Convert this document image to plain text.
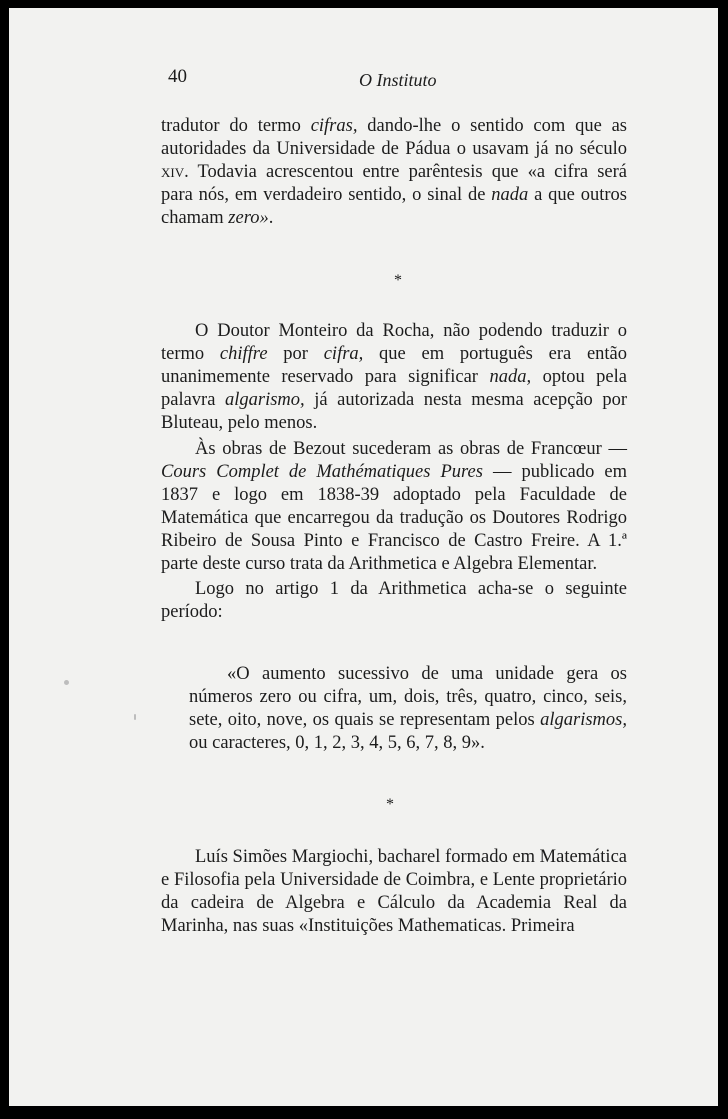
40	O Instituto

tradutor do termo cifras, dando-lhe o sentido com que as autoridades da Universidade de Pádua o usavam já no século xiv. Todavia acrescentou entre parêntesis que «a cifra será para nós, em verdadeiro sentido, o sinal de nada a que outros chamam zero».

*

O Doutor Monteiro da Rocha, não podendo traduzir o termo chiffre por cifra, que em português era então unanimemente reservado para significar nada, optou pela palavra algarismo, já autorizada nesta mesma acepção por Bluteau, pelo menos.

Às obras de Bezout sucederam as obras de Francœur — Cours Complet de Mathématiques Pures — publicado em 1837 e logo em 1838-39 adoptado pela Faculdade de Matemática que encarregou da tradução os Doutores Rodrigo Ribeiro de Sousa Pinto e Francisco de Castro Freire. A 1.ª parte deste curso trata da Arithmetica e Algebra Elementar.

Logo no artigo 1 da Arithmetica acha-se o seguinte período:

«O aumento sucessivo de uma unidade gera os números zero ou cifra, um, dois, três, quatro, cinco, seis, sete, oito, nove, os quais se representam pelos algarismos, ou caracteres, 0, 1, 2, 3, 4, 5, 6, 7, 8, 9».

*

Luís Simões Margiochi, bacharel formado em Matemática e Filosofia pela Universidade de Coimbra, e Lente proprietário da cadeira de Algebra e Cálculo da Academia Real da Marinha, nas suas «Instituições Mathematicas. Primeira
